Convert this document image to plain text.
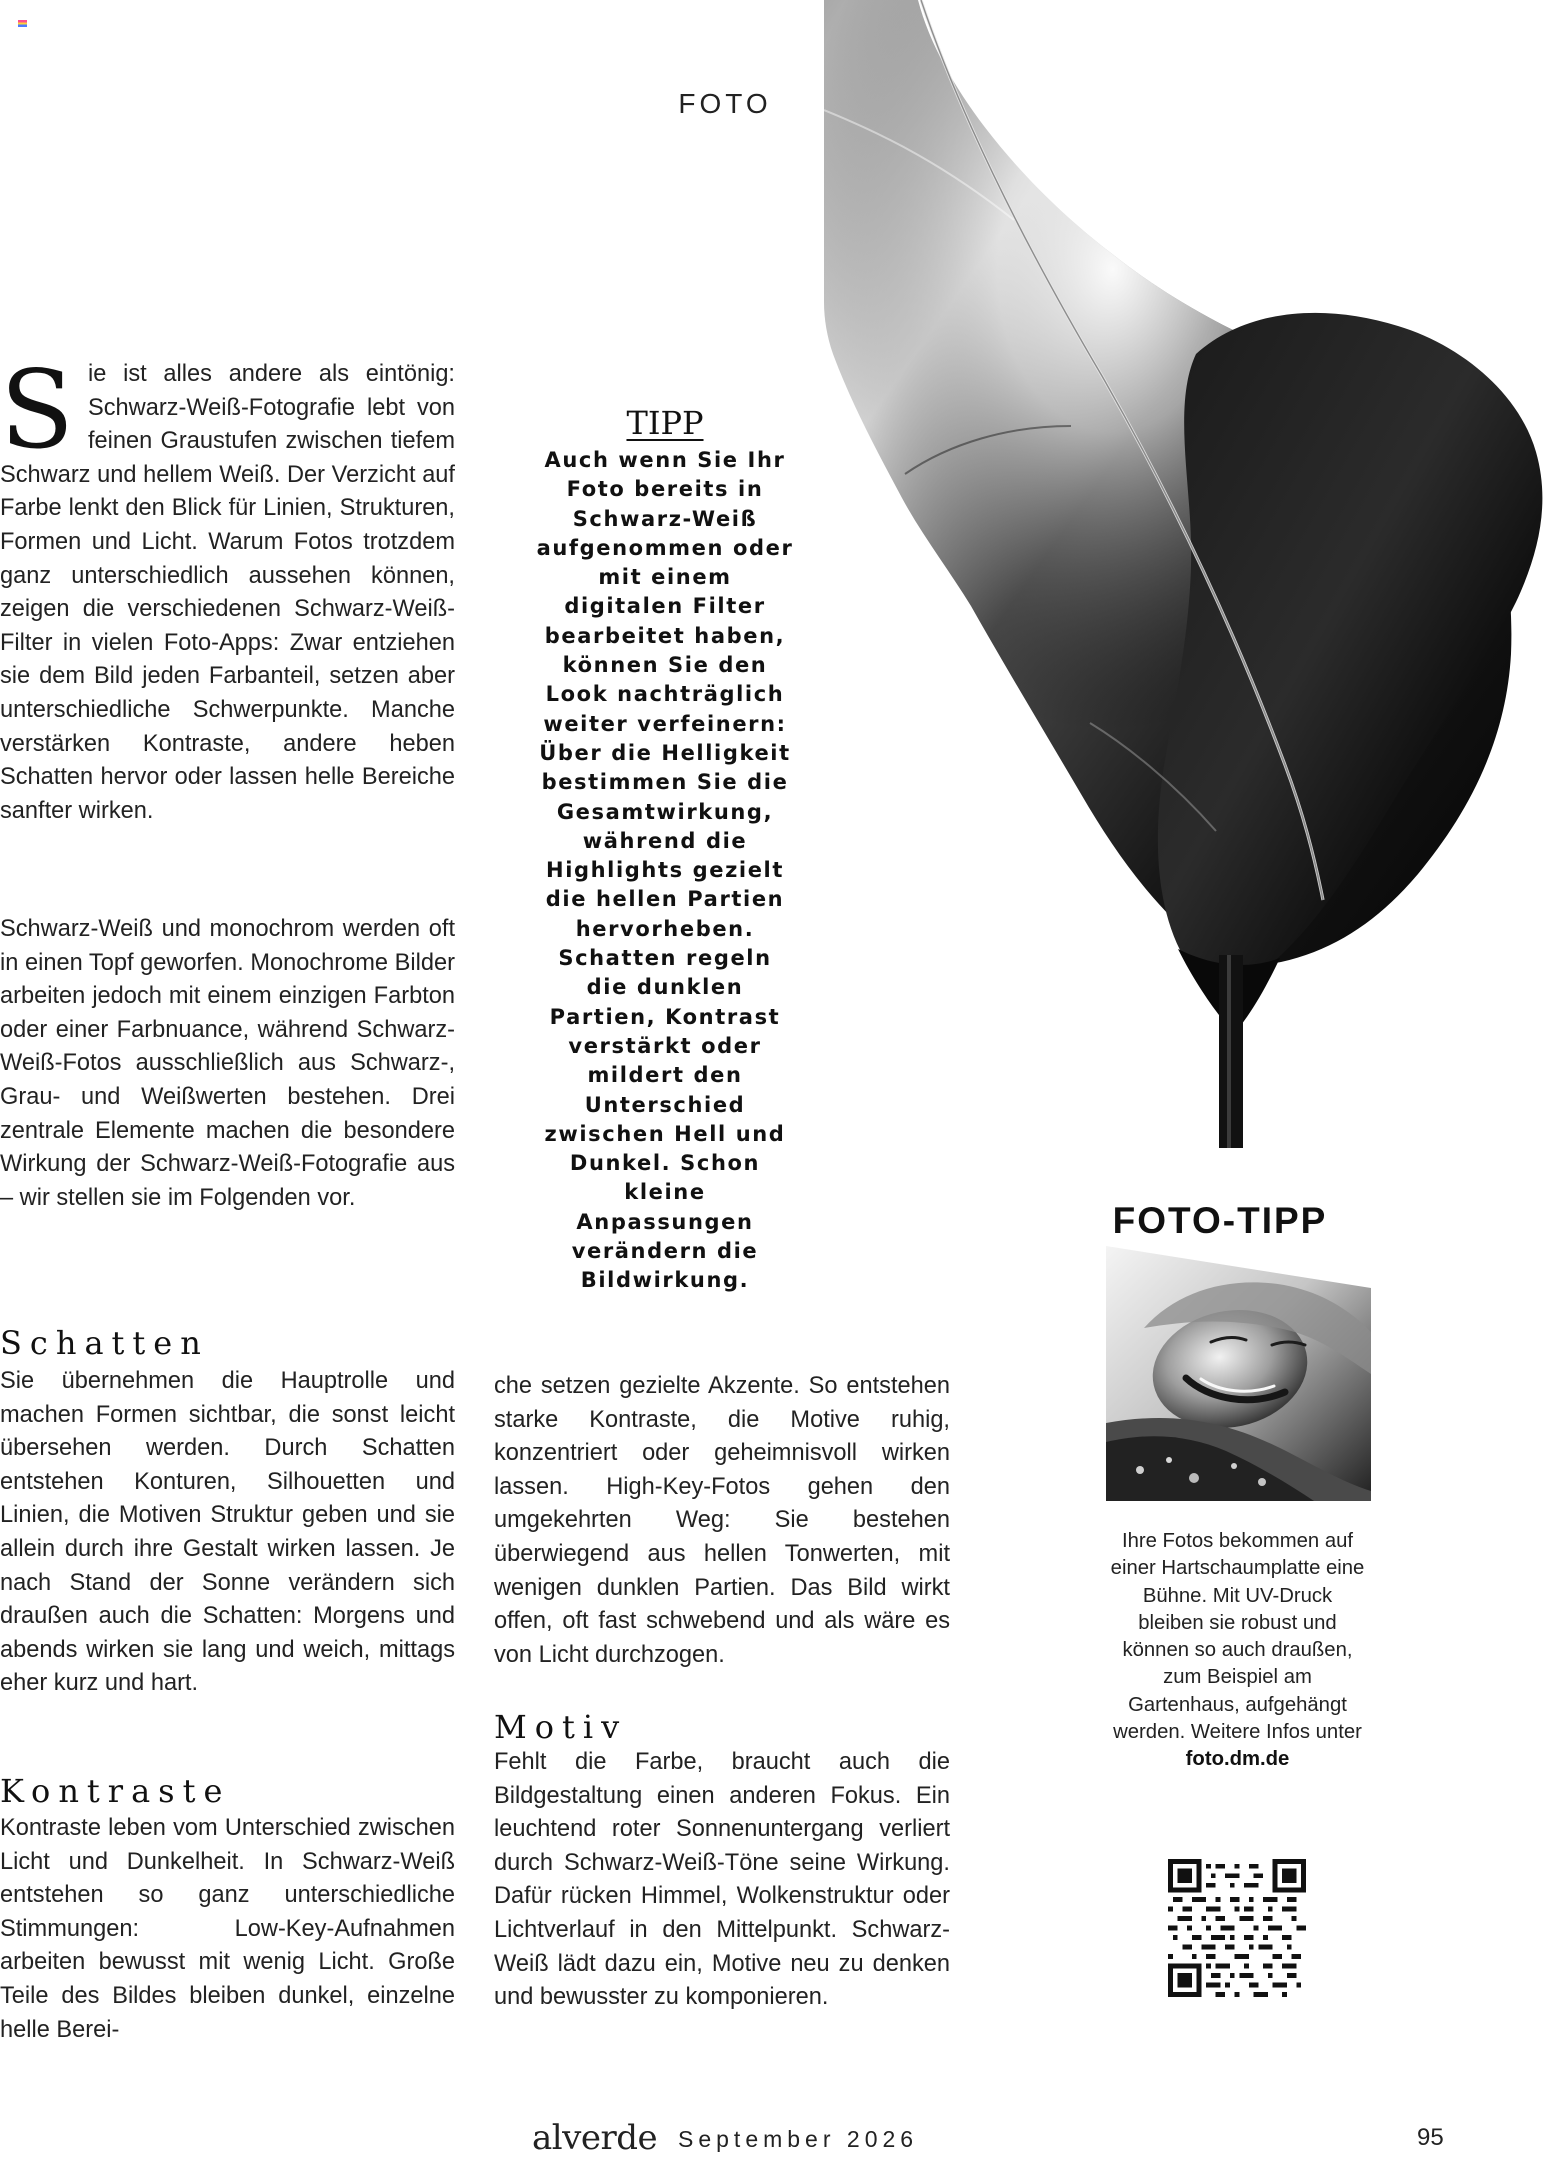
FOTO
S ie ist alles andere als eintönig: Schwarz-Weiß-Fotografie lebt von feinen Graustufen zwischen tiefem Schwarz und hellem Weiß. Der Verzicht auf Farbe lenkt den Blick für Linien, Strukturen, Formen und Licht. Warum Fotos trotzdem ganz unterschiedlich aussehen können, zeigen die verschiedenen Schwarz-Weiß-Filter in vielen Foto-Apps: Zwar entziehen sie dem Bild jeden Farbanteil, setzen aber unterschiedliche Schwerpunkte. Manche verstärken Kontraste, andere heben Schatten hervor oder lassen helle Bereiche sanfter wirken.
Schwarz-Weiß und monochrom werden oft in einen Topf geworfen. Monochrome Bilder arbeiten jedoch mit einem einzigen Farbton oder einer Farbnuance, während Schwarz-Weiß-Fotos ausschließlich aus Schwarz-, Grau- und Weißwerten bestehen. Drei zentrale Elemente machen die besondere Wirkung der Schwarz-Weiß-Fotografie aus – wir stellen sie im Folgenden vor.
TIPP
Auch wenn Sie Ihr Foto bereits in Schwarz-Weiß aufgenommen oder mit einem digitalen Filter bearbeitet haben, können Sie den Look nachträglich weiter verfeinern: Über die Helligkeit bestimmen Sie die Gesamtwirkung, während die Highlights gezielt die hellen Partien hervorheben. Schatten regeln die dunklen Partien, Kontrast verstärkt oder mildert den Unterschied zwischen Hell und Dunkel. Schon kleine Anpassungen verändern die Bildwirkung.
Schatten
Sie übernehmen die Hauptrolle und machen Formen sichtbar, die sonst leicht übersehen werden. Durch Schatten entstehen Konturen, Silhouetten und Linien, die Motiven Struktur geben und sie allein durch ihre Gestalt wirken lassen. Je nach Stand der Sonne verändern sich draußen auch die Schatten: Morgens und abends wirken sie lang und weich, mittags eher kurz und hart.
Kontraste
Kontraste leben vom Unterschied zwischen Licht und Dunkelheit. In Schwarz-Weiß entstehen so ganz unterschiedliche Stimmungen: Low-Key-Aufnahmen arbeiten bewusst mit wenig Licht. Große Teile des Bildes bleiben dunkel, einzelne helle Berei-
che setzen gezielte Akzente. So entstehen starke Kontraste, die Motive ruhig, konzentriert oder geheimnisvoll wirken lassen. High-Key-Fotos gehen den umgekehrten Weg: Sie bestehen überwiegend aus hellen Tonwerten, mit wenigen dunklen Partien. Das Bild wirkt offen, oft fast schwebend und als wäre es von Licht durchzogen.
Motiv
Fehlt die Farbe, braucht auch die Bildgestaltung einen anderen Fokus. Ein leuchtend roter Sonnenuntergang verliert durch Schwarz-Weiß-Töne seine Wirkung. Dafür rücken Himmel, Wolkenstruktur oder Lichtverlauf in den Mittelpunkt. Schwarz-Weiß lädt dazu ein, Motive neu zu denken und bewusster zu komponieren.
FOTO-TIPP
Ihre Fotos bekommen auf einer Hartschaumplatte eine Bühne. Mit UV-Druck bleiben sie robust und können so auch draußen, zum Beispiel am Gartenhaus, aufgehängt werden. Weitere Infos unter
foto.dm.de
alverde September 2026	95
